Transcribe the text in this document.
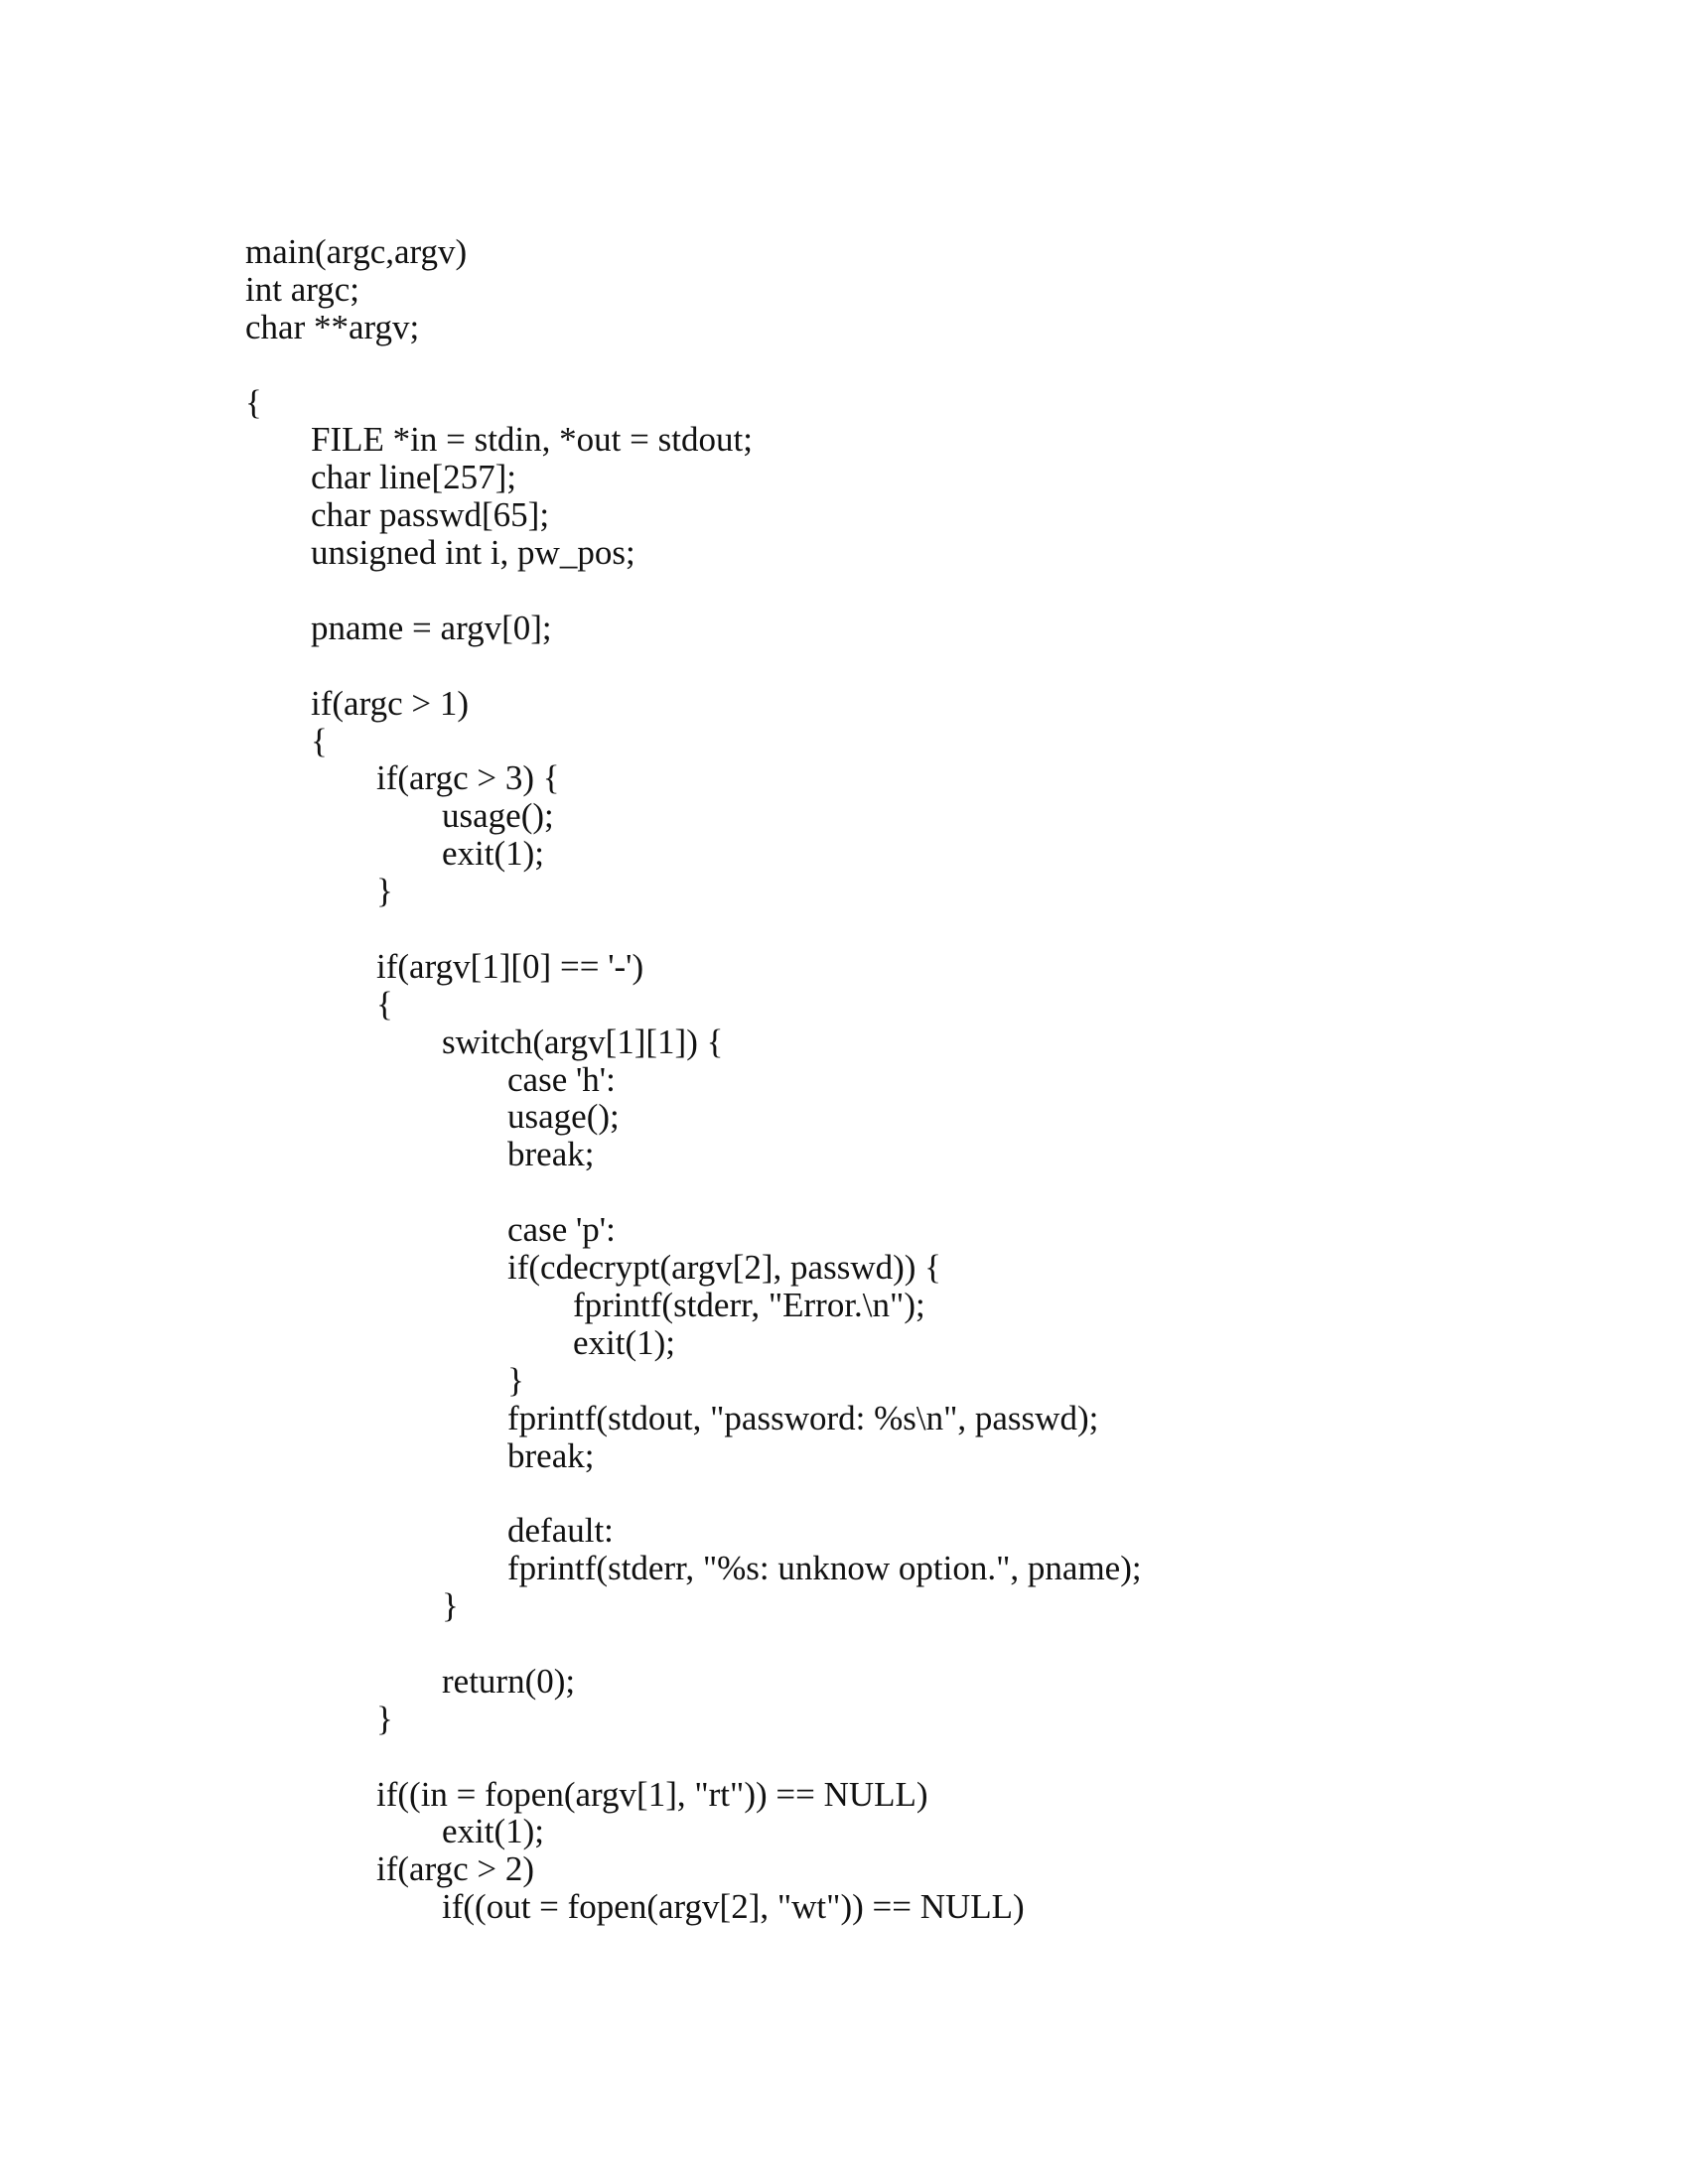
main(argc,argv)
int argc;
char **argv;
{
FILE *in = stdin, *out = stdout;
char line[257];
char passwd[65];
unsigned int i, pw_pos;
pname = argv[0];
if(argc > 1)
{
if(argc > 3) {
usage();
exit(1);
}
if(argv[1][0] == '-')
{
switch(argv[1][1]) {
case 'h':
usage();
break;
case 'p':
if(cdecrypt(argv[2], passwd)) {
fprintf(stderr, "Error.\n");
exit(1);
}
fprintf(stdout, "password: %s\n", passwd);
break;
default:
fprintf(stderr, "%s: unknow option.", pname);
}
return(0);
}
if((in = fopen(argv[1], "rt")) == NULL)
exit(1);
if(argc > 2)
if((out = fopen(argv[2], "wt")) == NULL)
